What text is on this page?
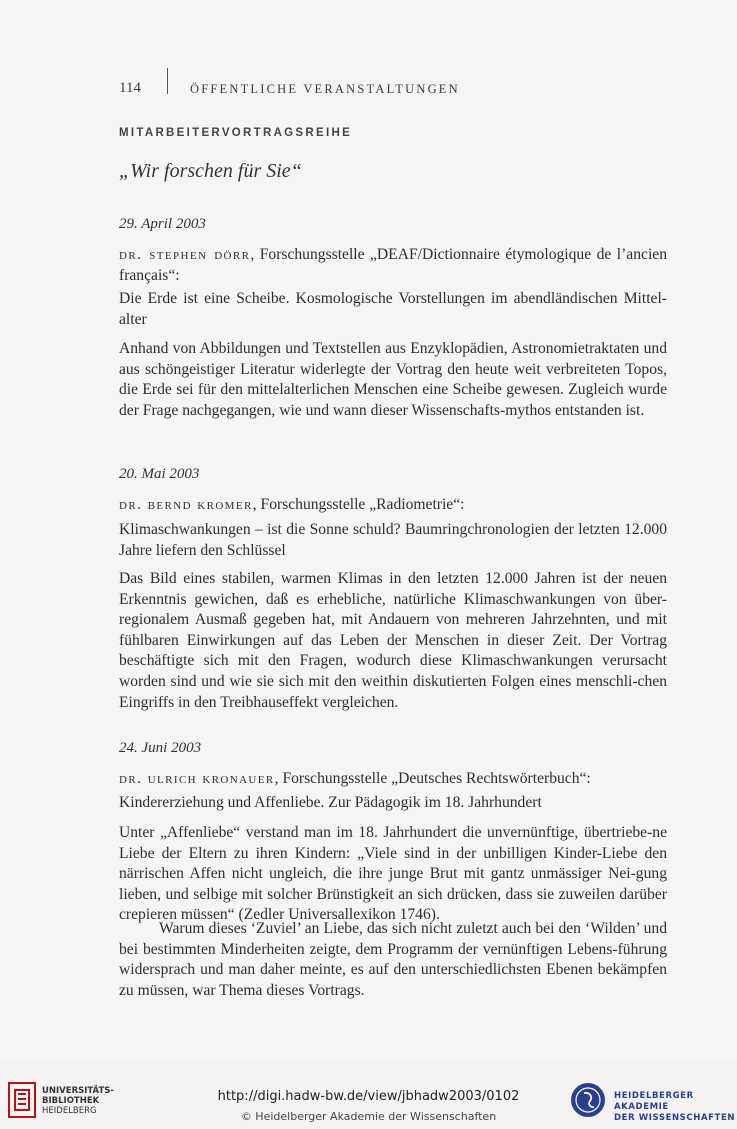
114	ÖFFENTLICHE VERANSTALTUNGEN
MITARBEITERVORTRAGSREIHE
„Wir forschen für Sie“
29. April 2003

dr. stephen dörr, Forschungsstelle „DEAF/Dictionnaire étymologique de l’ancien français“:

Die Erde ist eine Scheibe. Kosmologische Vorstellungen im abendländischen Mittel-alter

Anhand von Abbildungen und Textstellen aus Enzyklopädien, Astronomietraktaten und aus schöngeistiger Literatur widerlegte der Vortrag den heute weit verbreiteten Topos, die Erde sei für den mittelalterlichen Menschen eine Scheibe gewesen. Zugleich wurde der Frage nachgegangen, wie und wann dieser Wissenschafts-mythos entstanden ist.

20. Mai 2003

dr. bernd kromer, Forschungsstelle „Radiometrie“:

Klimaschwankungen – ist die Sonne schuld? Baumringchronologien der letzten 12.000 Jahre liefern den Schlüssel

Das Bild eines stabilen, warmen Klimas in den letzten 12.000 Jahren ist der neuen Erkenntnis gewichen, daß es erhebliche, natürliche Klimaschwankungen von über-regionalem Ausmaß gegeben hat, mit Andauern von mehreren Jahrzehnten, und mit fühlbaren Einwirkungen auf das Leben der Menschen in dieser Zeit. Der Vortrag beschäftigte sich mit den Fragen, wodurch diese Klimaschwankungen verursacht worden sind und wie sie sich mit den weithin diskutierten Folgen eines menschli-chen Eingriffs in den Treibhauseffekt vergleichen.

24. Juni 2003

dr. ulrich kronauer, Forschungsstelle „Deutsches Rechtswörterbuch“:

Kindererziehung und Affenliebe. Zur Pädagogik im 18. Jahrhundert

Unter „Affenliebe“ verstand man im 18. Jahrhundert die unvernünftige, übertriebe-ne Liebe der Eltern zu ihren Kindern: „Viele sind in der unbilligen Kinder-Liebe den närrischen Affen nicht ungleich, die ihre junge Brut mit gantz unmässiger Nei-gung lieben, und selbige mit solcher Brünstigkeit an sich drücken, dass sie zuweilen darüber crepieren müssen“ (Zedler Universallexikon 1746).

Warum dieses ‘Zuviel’ an Liebe, das sich nicht zuletzt auch bei den ‘Wilden’ und bei bestimmten Minderheiten zeigte, dem Programm der vernünftigen Lebens-führung widersprach und man daher meinte, es auf den unterschiedlichsten Ebenen bekämpfen zu müssen, war Thema dieses Vortrags.

UNIVERSITÄTS-
BIBLIOTHEK
HEIDELBERG
http://digi.hadw-bw.de/view/jbhadw2003/0102
© Heidelberger Akademie der Wissenschaften
HEIDELBERGER AKADEMIE
DER WISSENSCHAFTEN
